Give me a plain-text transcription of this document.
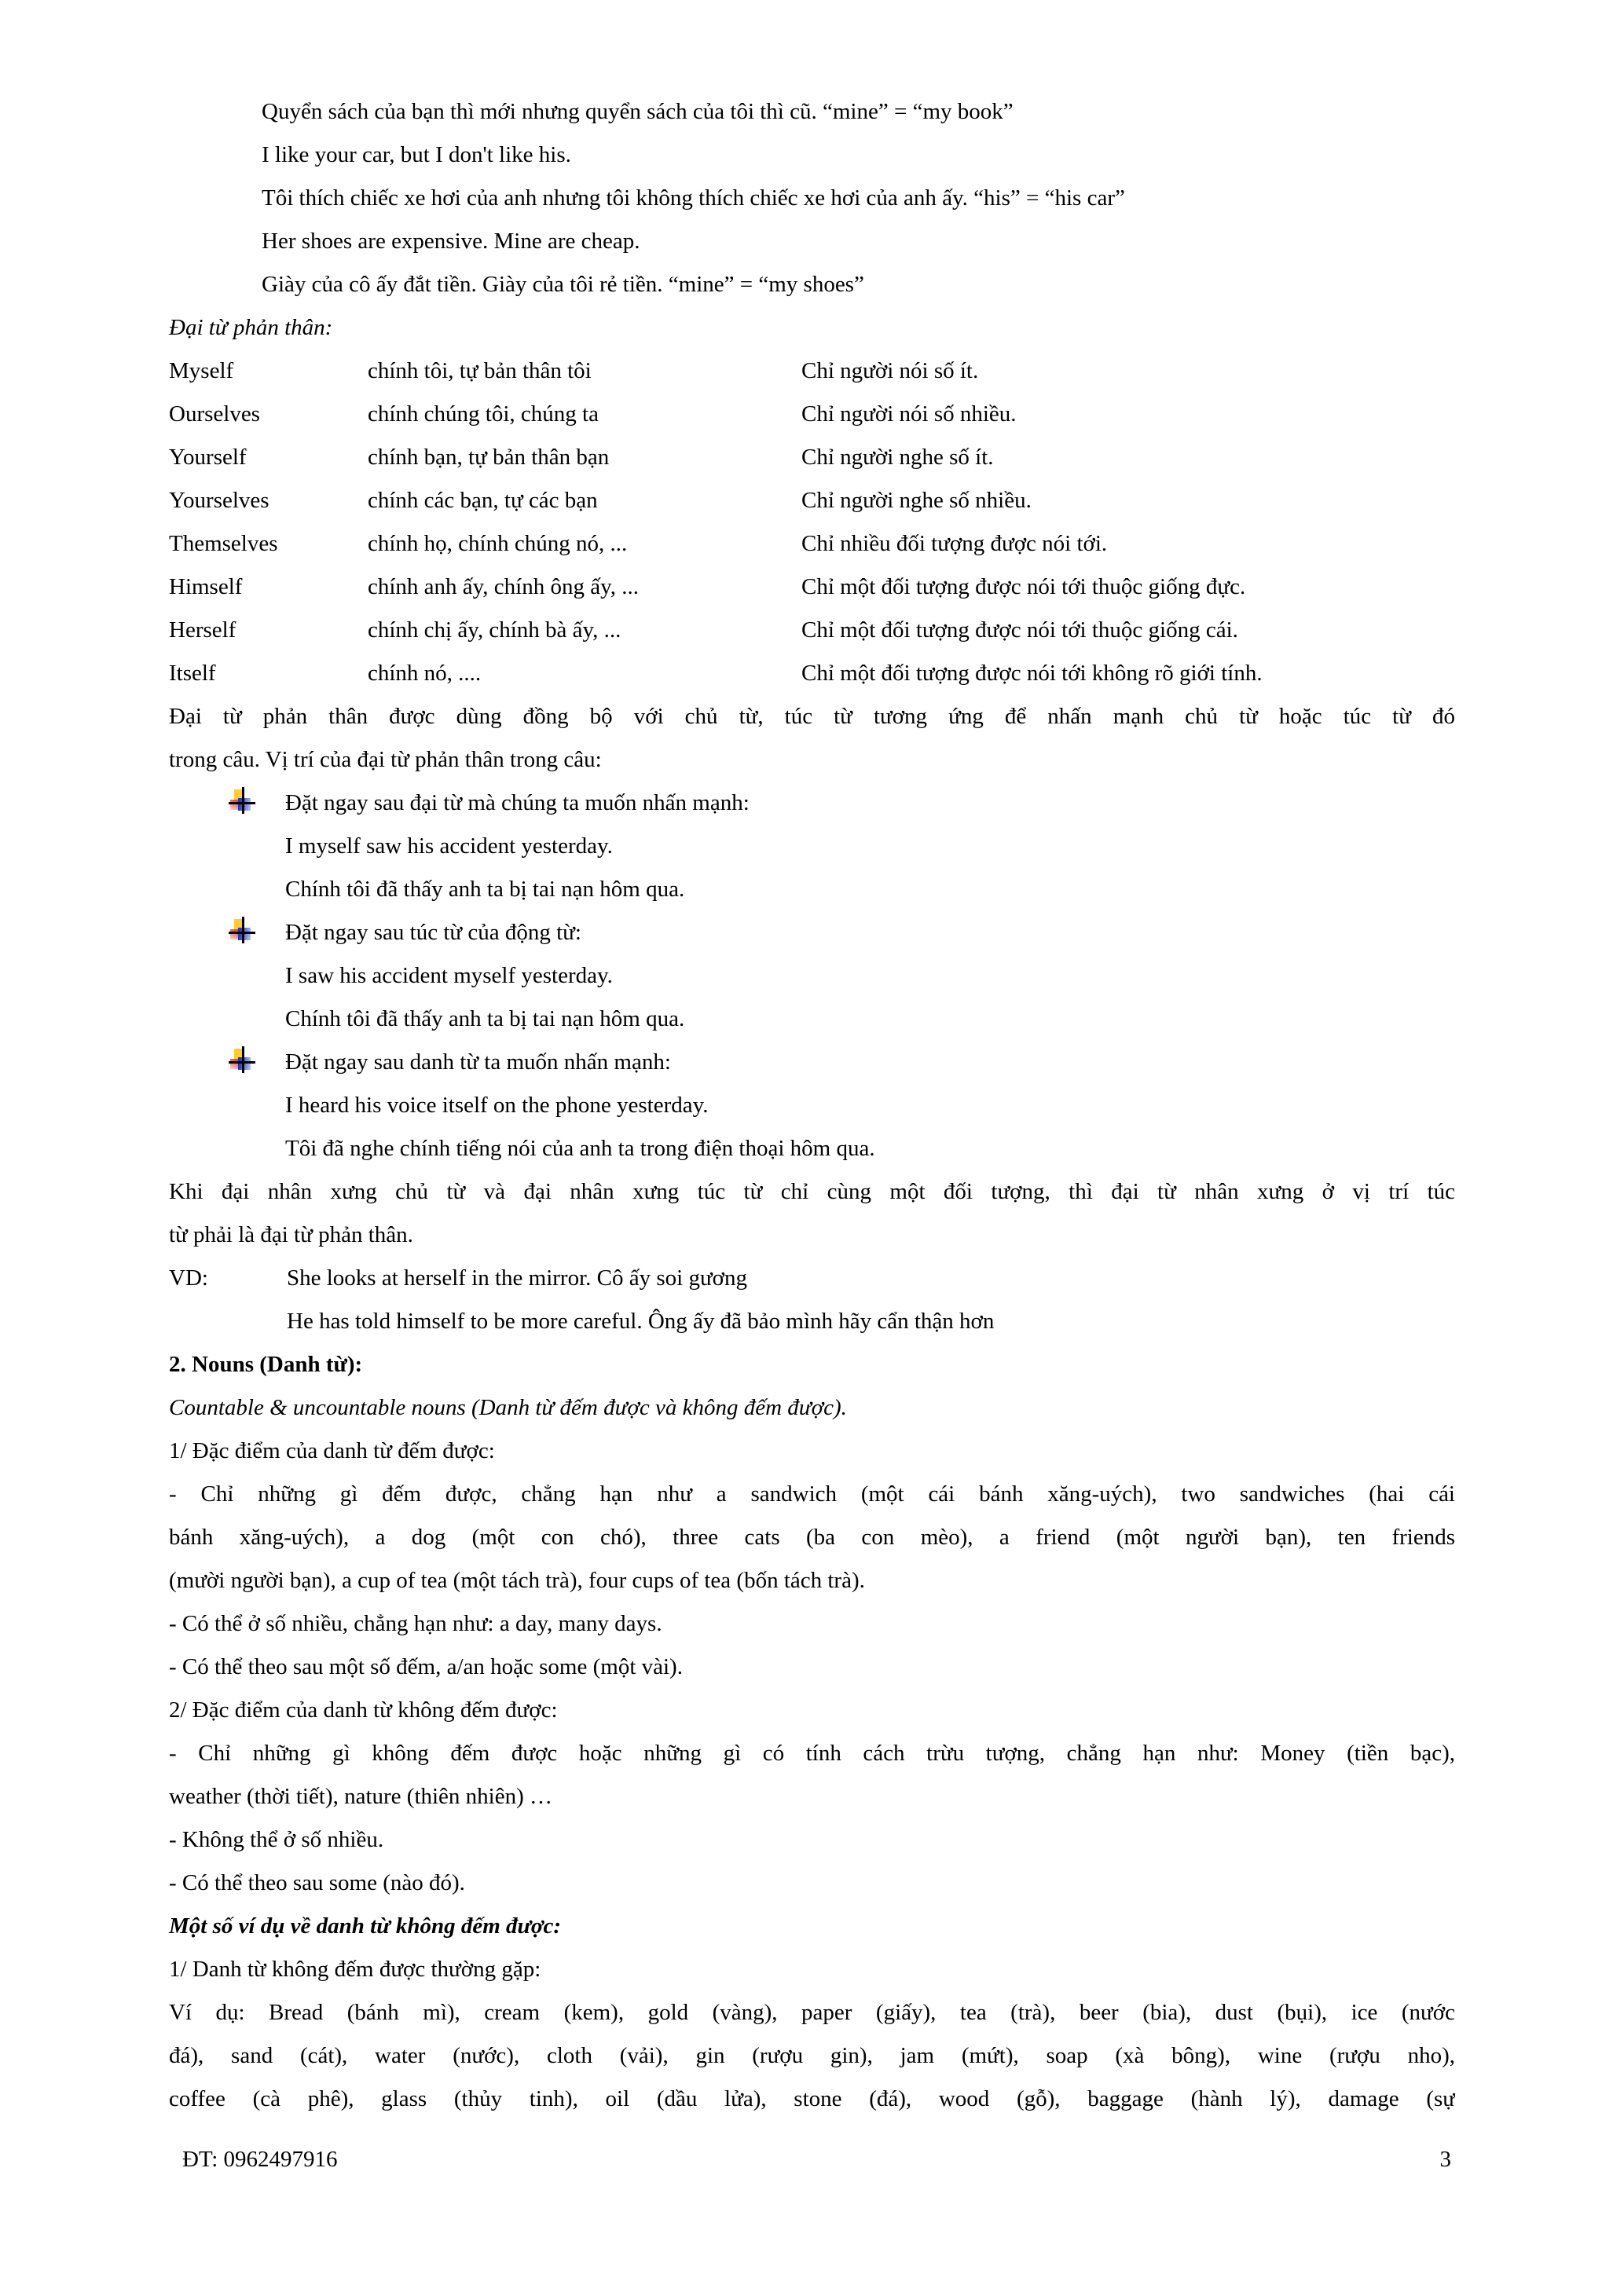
Quyển sách của bạn thì mới nhưng quyển sách của tôi thì cũ. “mine” = “my book”
I like your car, but I don't like his.
Tôi thích chiếc xe hơi của anh nhưng tôi không thích chiếc xe hơi của anh ấy. “his” = “his car”
Her shoes are expensive. Mine are cheap.
Giày của cô ấy đắt tiền. Giày của tôi rẻ tiền. “mine” = “my shoes”
Đại từ phản thân:
Myself	chính tôi, tự bản thân tôi	Chỉ người nói số ít.
Ourselves	chính chúng tôi, chúng ta	Chỉ người nói số nhiều.
Yourself	chính bạn, tự bản thân bạn	Chỉ người nghe số ít.
Yourselves	chính các bạn, tự các bạn	Chỉ người nghe số nhiều.
Themselves	chính họ, chính chúng nó, ...	Chỉ nhiều đối tượng được nói tới.
Himself	chính anh ấy, chính ông ấy, ...	Chỉ một đối tượng được nói tới thuộc giống đực.
Herself	chính chị ấy, chính bà ấy, ...	Chỉ một đối tượng được nói tới thuộc giống cái.
Itself	chính nó, ....	Chỉ một đối tượng được nói tới không rõ giới tính.
Đại từ phản thân được dùng đồng bộ với chủ từ, túc từ tương ứng để nhấn mạnh chủ từ hoặc túc từ đó
trong câu. Vị trí của đại từ phản thân trong câu:
Đặt ngay sau đại từ mà chúng ta muốn nhấn mạnh:
I myself saw his accident yesterday.
Chính tôi đã thấy anh ta bị tai nạn hôm qua.
Đặt ngay sau túc từ của động từ:
I saw his accident myself yesterday.
Chính tôi đã thấy anh ta bị tai nạn hôm qua.
Đặt ngay sau danh từ ta muốn nhấn mạnh:
I heard his voice itself on the phone yesterday.
Tôi đã nghe chính tiếng nói của anh ta trong điện thoại hôm qua.
Khi đại nhân xưng chủ từ và đại nhân xưng túc từ chỉ cùng một đối tượng, thì đại từ nhân xưng ở vị trí túc
từ phải là đại từ phản thân.
VD:	She looks at herself in the mirror. Cô ấy soi gương
He has told himself to be more careful. Ông ấy đã bảo mình hãy cẩn thận hơn
2. Nouns (Danh từ):
Countable & uncountable nouns (Danh từ đếm được và không đếm được).
1/ Đặc điểm của danh từ đếm được:
- Chỉ những gì đếm được, chẳng hạn như a sandwich (một cái bánh xăng-uých), two sandwiches (hai cái
bánh xăng-uých), a dog (một con chó), three cats (ba con mèo), a friend (một người bạn), ten friends
(mười người bạn), a cup of tea (một tách trà), four cups of tea (bốn tách trà).
- Có thể ở số nhiều, chẳng hạn như: a day, many days.
- Có thể theo sau một số đếm, a/an hoặc some (một vài).
2/ Đặc điểm của danh từ không đếm được:
- Chỉ những gì không đếm được hoặc những gì có tính cách trừu tượng, chẳng hạn như: Money (tiền bạc),
weather (thời tiết), nature (thiên nhiên) …
- Không thể ở số nhiều.
- Có thể theo sau some (nào đó).
Một số ví dụ về danh từ không đếm được:
1/ Danh từ không đếm được thường gặp:
Ví dụ: Bread (bánh mì), cream (kem), gold (vàng), paper (giấy), tea (trà), beer (bia), dust (bụi), ice (nước
đá), sand (cát), water (nước), cloth (vải), gin (rượu gin), jam (mứt), soap (xà bông), wine (rượu nho),
coffee (cà phê), glass (thủy tinh), oil (dầu lửa), stone (đá), wood (gỗ), baggage (hành lý), damage (sự
ĐT: 0962497916	3
